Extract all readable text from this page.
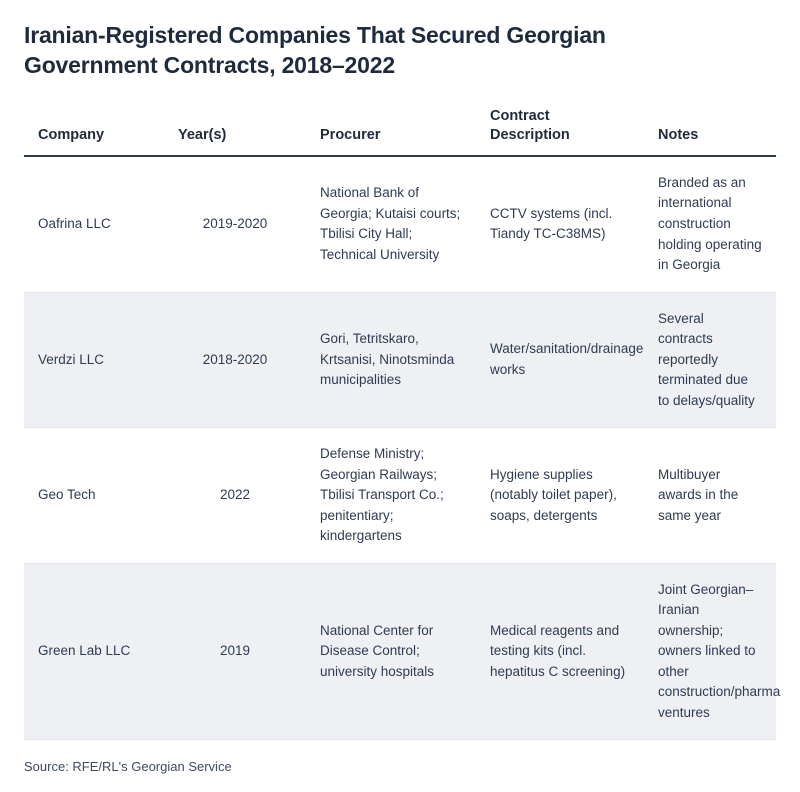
Iranian-Registered Companies That Secured Georgian Government Contracts, 2018–2022
Company	Year(s)	Procurer	Contract Description	Notes
Oafrina LLC	2019-2020	National Bank of Georgia; Kutaisi courts; Tbilisi City Hall; Technical University	CCTV systems (incl. Tiandy TC-C38MS)	Branded as an international construction holding operating in Georgia
Verdzi LLC	2018-2020	Gori, Tetritskaro, Krtsanisi, Ninotsminda municipalities	Water/sanitation/drainage works	Several contracts reportedly terminated due to delays/quality
Geo Tech	2022	Defense Ministry; Georgian Railways; Tbilisi Transport Co.; penitentiary; kindergartens	Hygiene supplies (notably toilet paper), soaps, detergents	Multibuyer awards in the same year
Green Lab LLC	2019	National Center for Disease Control; university hospitals	Medical reagents and testing kits (incl. hepatitus C screening)	Joint Georgian–Iranian ownership; owners linked to other construction/pharma ventures
Source: RFE/RL's Georgian Service
